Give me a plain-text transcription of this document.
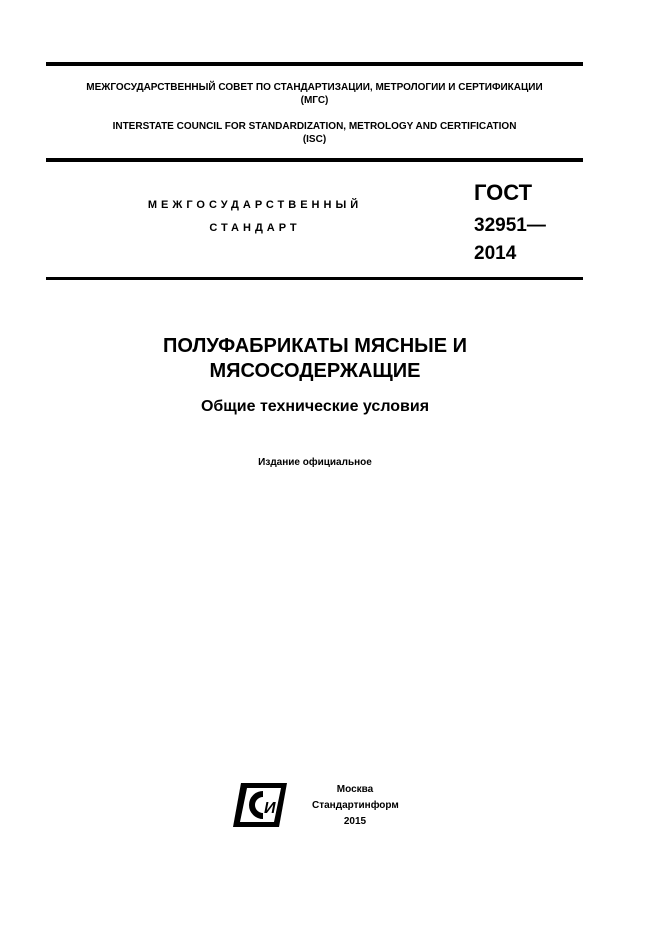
МЕЖГОСУДАРСТВЕННЫЙ СОВЕТ ПО СТАНДАРТИЗАЦИИ, МЕТРОЛОГИИ И СЕРТИФИКАЦИИ
(МГС)
INTERSTATE COUNCIL FOR STANDARDIZATION, METROLOGY AND CERTIFICATION
(ISC)
МЕЖГОСУДАРСТВЕННЫЙ
СТАНДАРТ
ГОСТ
32951—
2014
ПОЛУФАБРИКАТЫ МЯСНЫЕ И
МЯСОСОДЕРЖАЩИЕ
Общие технические условия
Издание официальное
И
Москва
Стандартинформ
2015
